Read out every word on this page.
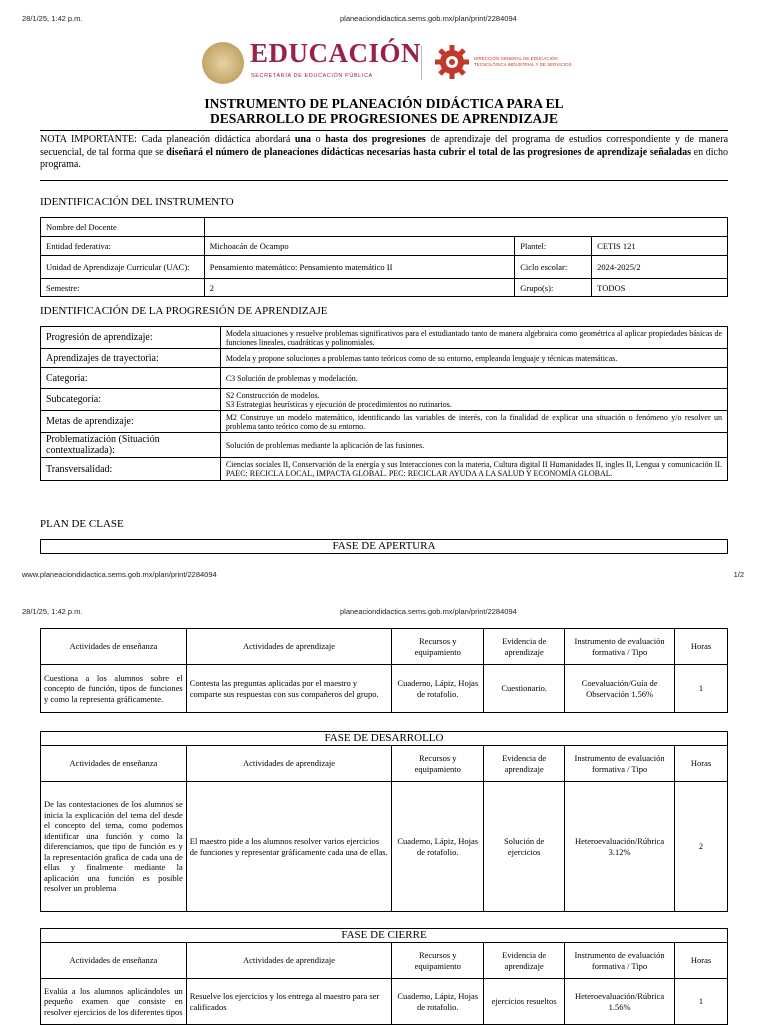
28/1/25, 1:42 p.m.	planeaciondidactica.sems.gob.mx/plan/print/2284094
EDUCACIÓN
SECRETARÍA DE EDUCACIÓN PÚBLICA
DIRECCIÓN GENERAL DE EDUCACIÓN TECNOLÓGICA INDUSTRIAL Y DE SERVICIOS
INSTRUMENTO DE PLANEACIÓN DIDÁCTICA PARA EL
DESARROLLO DE PROGRESIONES DE APRENDIZAJE
NOTA IMPORTANTE: Cada planeación didáctica abordará una o hasta dos progresiones de aprendizaje del programa de estudios correspondiente y de manera secuencial, de tal forma que se diseñará el número de planeaciones didácticas necesarias hasta cubrir el total de las progresiones de aprendizaje señaladas en dicho programa.
IDENTIFICACIÓN DEL INSTRUMENTO
Nombre del Docente			
Entidad federativa:	Michoacán de Ocampo	Plantel:	CETIS 121
Unidad de Aprendizaje Curricular (UAC):	Pensamiento matemático: Pensamiento matemático II	Ciclo escolar:	2024-2025/2
Semestre:	2	Grupo(s):	TODOS
IDENTIFICACIÓN DE LA PROGRESIÓN DE APRENDIZAJE
Progresión de aprendizaje:	Modela situaciones y resuelve problemas significativos para el estudiantado tanto de manera algebraica como geométrica al aplicar propiedades básicas de funciones lineales, cuadráticas y polinomiales.
Aprendizajes de trayectoria:	Modela y propone soluciones a problemas tanto teóricos como de su entorno, empleando lenguaje y técnicas matemáticas.
Categoría:	C3 Solución de problemas y modelación.
Subcategoría:	S2 Construcción de modelos.
S3 Estrategias heurísticas y ejecución de procedimientos no rutinarios.

Metas de aprendizaje:	M2 Construye un modelo matemático, identificando las variables de interés, con la finalidad de explicar una situación o fenómeno y/o resolver un problema tanto teórico como de su entorno.
Problematización (Situación contextualizada):	Solución de problemas mediante la aplicación de las fusiones.
Transversalidad:	Ciencias sociales II, Conservación de la energía y sus Interacciones con la materia, Cultura digital II Humanidades II, ingles II, Lengua y comunicación II. PAEC: RECICLA LOCAL, IMPACTA GLOBAL. PEC: RECICLAR AYUDA A LA SALUD Y ECONOMÍA GLOBAL.
PLAN DE CLASE
FASE DE APERTURA
www.planeaciondidactica.sems.gob.mx/plan/print/2284094	1/2
28/1/25, 1:42 p.m.	planeaciondidactica.sems.gob.mx/plan/print/2284094
Actividades de enseñanza	Actividades de aprendizaje	Recursos y equipamiento	Evidencia de aprendizaje	Instrumento de evaluación formativa / Tipo	Horas
Cuestiona a los alumnos sobre el concepto de función, tipos de funciones y como la representa gráficamente.	Contesta las preguntas aplicadas por el maestro y comparte sus respuestas con sus compañeros del grupo.	Cuaderno, Lápiz, Hojas de rotafolio.	Cuestionario.	Coevaluación/Guía de Observación 1.56%	1
FASE DE DESARROLLO
Actividades de enseñanza	Actividades de aprendizaje	Recursos y equipamiento	Evidencia de aprendizaje	Instrumento de evaluación formativa / Tipo	Horas
De las contestaciones de los alumnos se inicia la explicación del tema del desde el concepto del tema, como podemos identificar una función y como la diferenciamos, que tipo de función es y la representación grafica de cada una de ellas y finalmente mediante la aplicación una función es posible resolver un problema	El maestro pide a los alumnos resolver varios ejercicios de funciones y representar gráficamente cada una de ellas.	Cuaderno, Lápiz, Hojas de rotafolio.	Solución de ejercicios	Heteroevaluación/Rúbrica 3.12%	2
FASE DE CIERRE
Actividades de enseñanza	Actividades de aprendizaje	Recursos y equipamiento	Evidencia de aprendizaje	Instrumento de evaluación formativa / Tipo	Horas
Evalúa a los alumnos aplicándoles un pequeño examen que consiste en resolver ejercicios de los diferentes tipos	Resuelve los ejercicios y los entrega al maestro para ser calificados	Cuaderno, Lápiz, Hojas de rotafolio.	ejercicios resueltos	Heteroevaluación/Rúbrica 1.56%	1
